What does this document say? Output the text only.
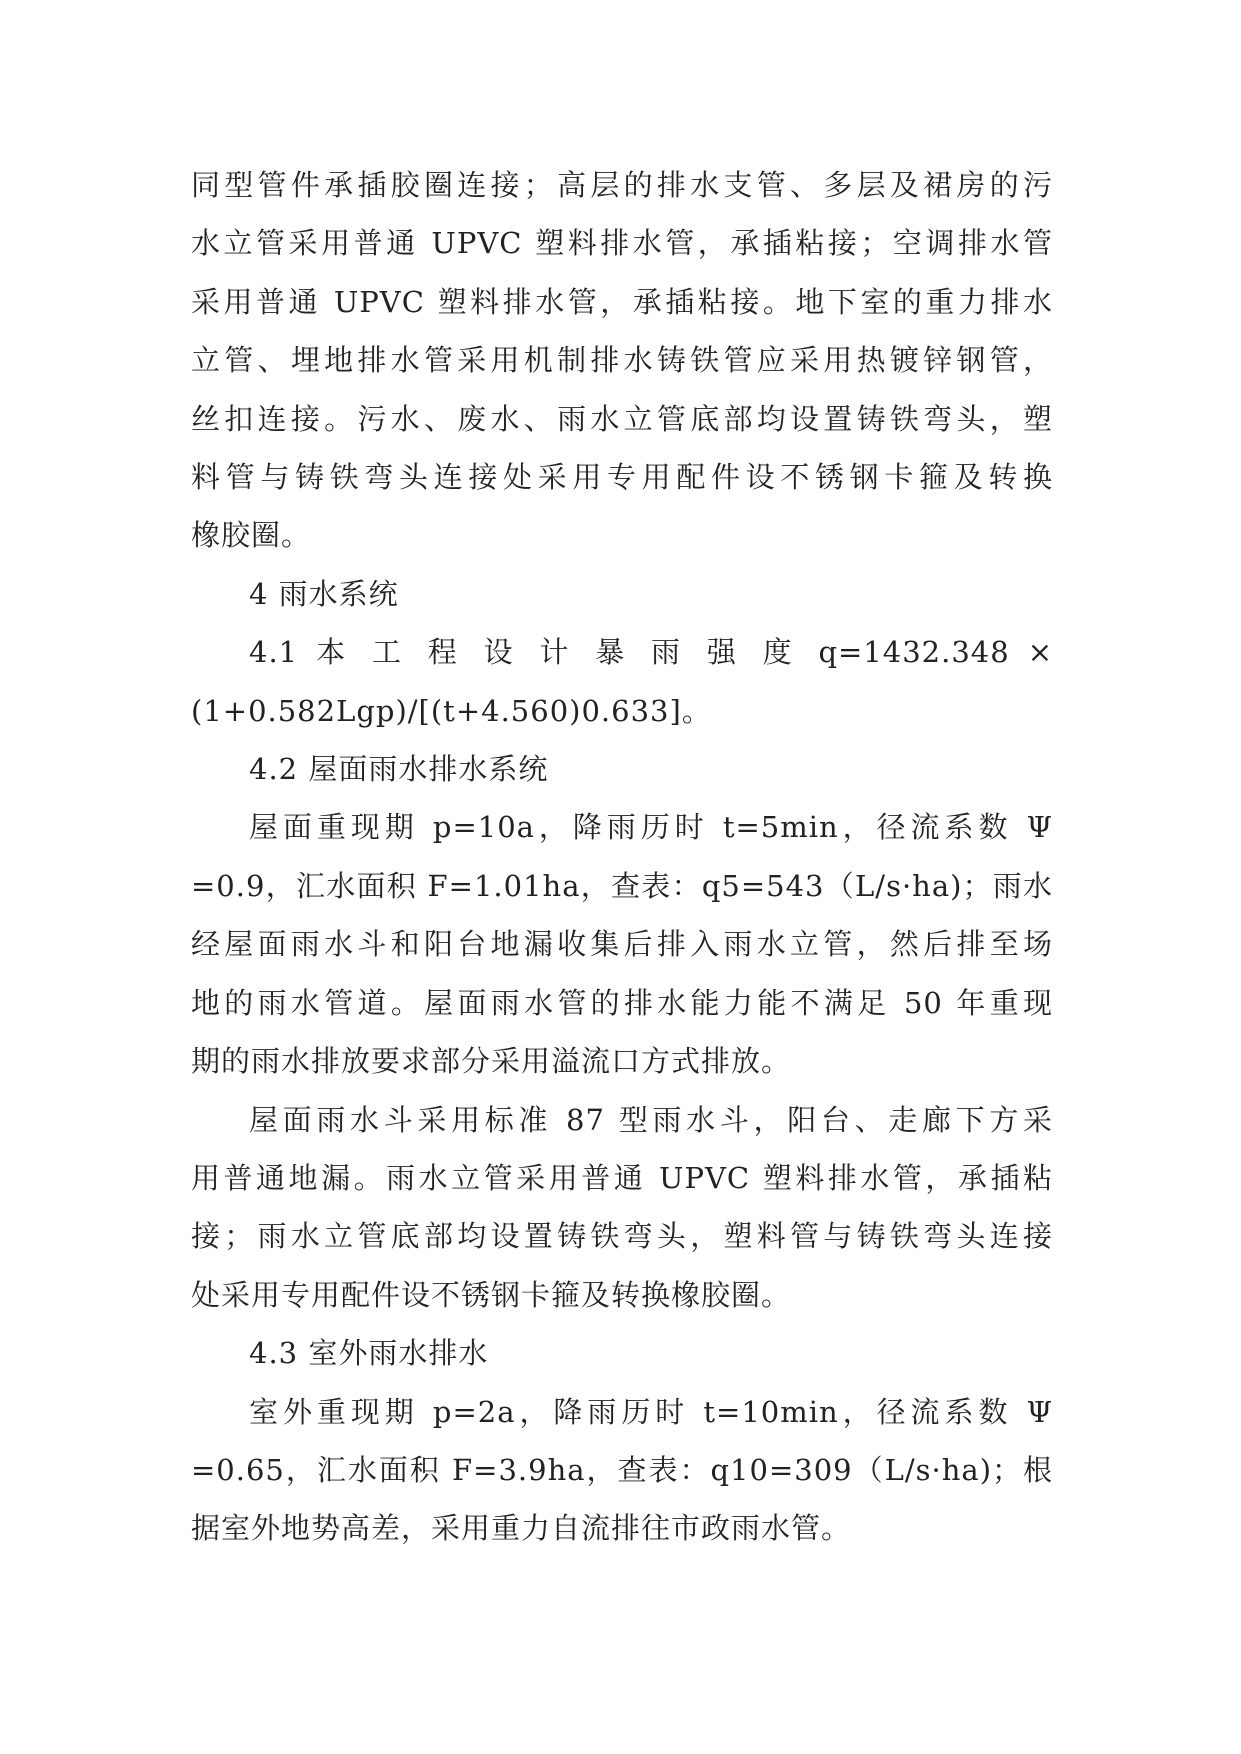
同型管件承插胶圈连接；高层的排水支管、多层及裙房的污
水立管采用普通 UPVC 塑料排水管，承插粘接；空调排水管
采用普通 UPVC 塑料排水管，承插粘接。地下室的重力排水
立管、埋地排水管采用机制排水铸铁管应采用热镀锌钢管，
丝扣连接。污水、废水、雨水立管底部均设置铸铁弯头，塑
料管与铸铁弯头连接处采用专用配件设不锈钢卡箍及转换
橡胶圈。
4 雨水系统
4.1 本 工 程 设 计 暴 雨 强 度 q=1432.348 ×
(1+0.582Lgp)/[(t+4.560)0.633]。
4.2 屋面雨水排水系统
屋面重现期 p=10a，降雨历时 t=5min，径流系数 Ψ
=0.9，汇水面积 F=1.01ha，查表：q5=543（L/s·ha)；雨水
经屋面雨水斗和阳台地漏收集后排入雨水立管，然后排至场
地的雨水管道。屋面雨水管的排水能力能不满足 50 年重现
期的雨水排放要求部分采用溢流口方式排放。
屋面雨水斗采用标准 87 型雨水斗，阳台、走廊下方采
用普通地漏。雨水立管采用普通 UPVC 塑料排水管，承插粘
接；雨水立管底部均设置铸铁弯头，塑料管与铸铁弯头连接
处采用专用配件设不锈钢卡箍及转换橡胶圈。
4.3 室外雨水排水
室外重现期 p=2a，降雨历时 t=10min，径流系数 Ψ
=0.65，汇水面积 F=3.9ha，查表：q10=309（L/s·ha)；根
据室外地势高差，采用重力自流排往市政雨水管。
